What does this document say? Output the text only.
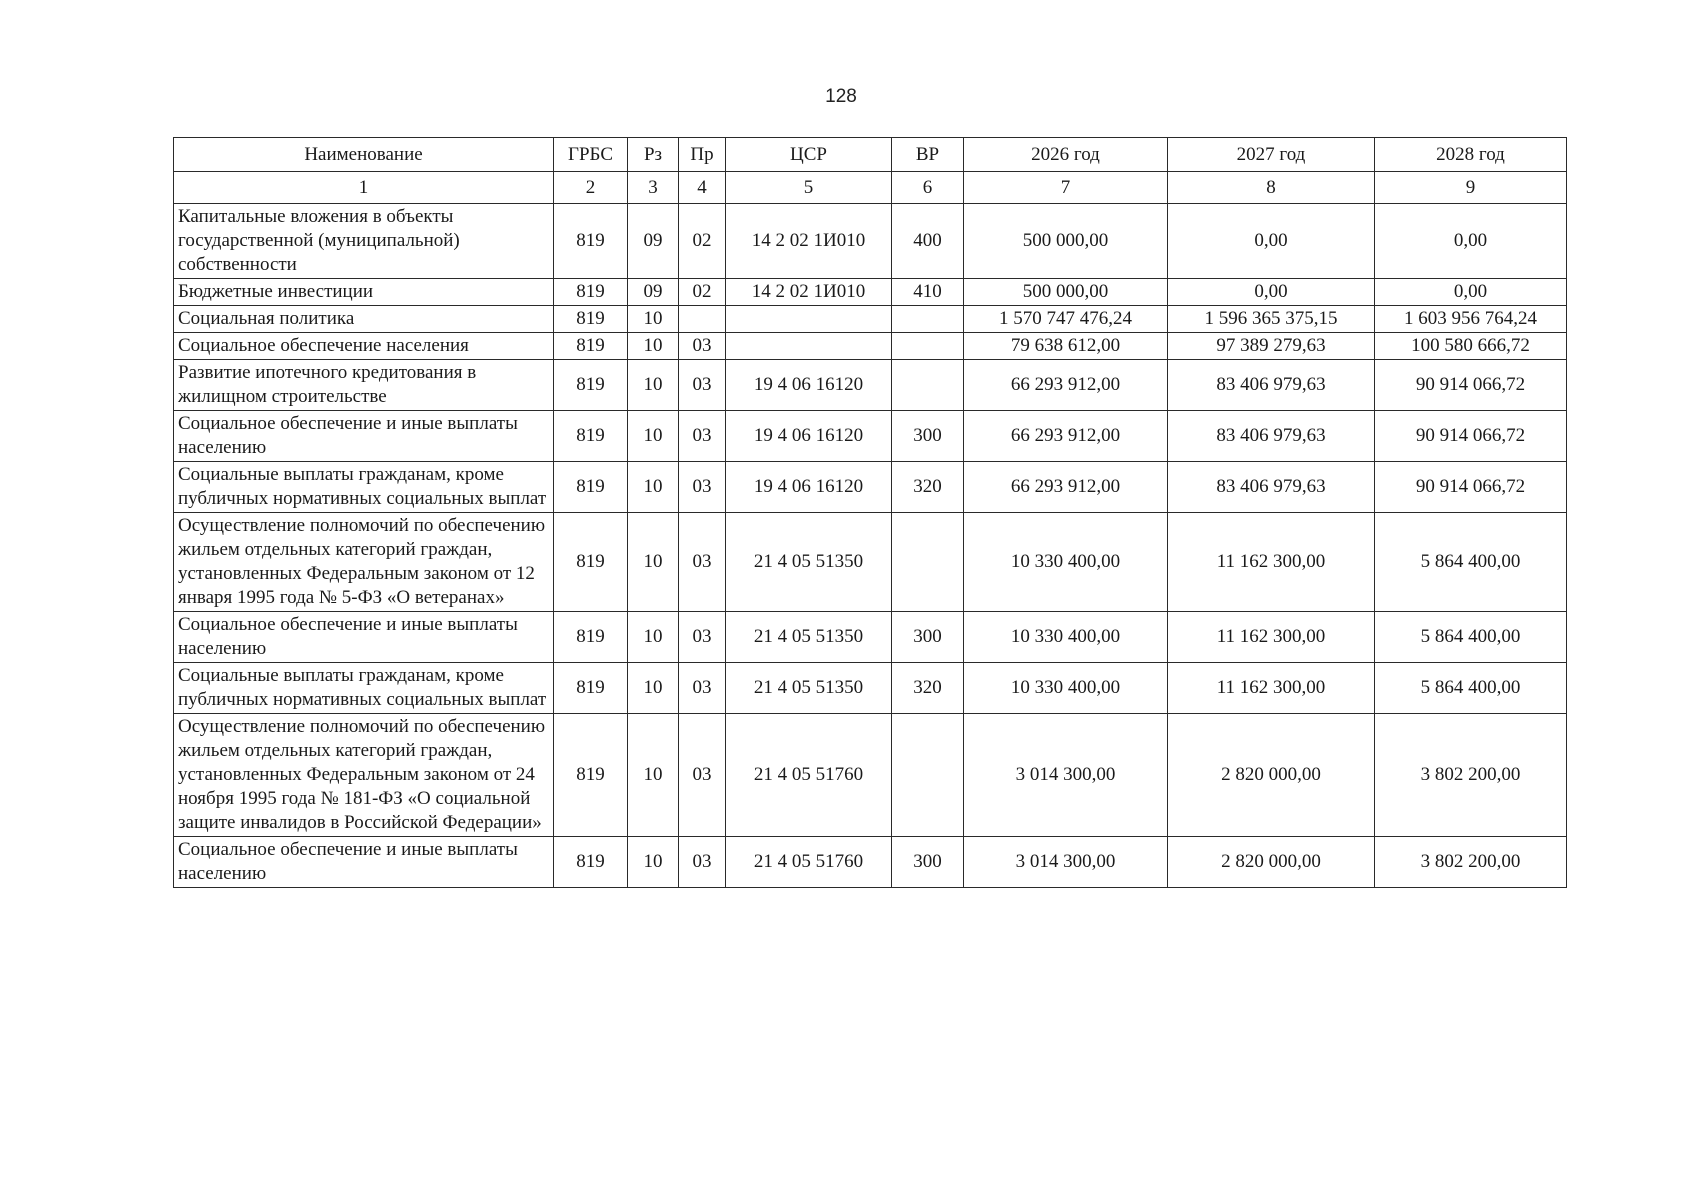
128
Наименование	ГРБС	Рз	Пр	ЦСР	ВР	2026 год	2027 год	2028 год
1	2	3	4	5	6	7	8	9
Капитальные вложения в объекты государственной (муниципальной) собственности	819	09	02	14 2 02 1И010	400	500 000,00	0,00	0,00
Бюджетные инвестиции	819	09	02	14 2 02 1И010	410	500 000,00	0,00	0,00
Социальная политика	819	10				1 570 747 476,24	1 596 365 375,15	1 603 956 764,24
Социальное обеспечение населения	819	10	03			79 638 612,00	97 389 279,63	100 580 666,72
Развитие ипотечного кредитования в жилищном строительстве	819	10	03	19 4 06 16120		66 293 912,00	83 406 979,63	90 914 066,72
Социальное обеспечение и иные выплаты населению	819	10	03	19 4 06 16120	300	66 293 912,00	83 406 979,63	90 914 066,72
Социальные выплаты гражданам, кроме публичных нормативных социальных выплат	819	10	03	19 4 06 16120	320	66 293 912,00	83 406 979,63	90 914 066,72
Осуществление полномочий по обеспечению жильем отдельных категорий граждан, установленных Федеральным законом от 12 января 1995 года № 5-ФЗ «О ветеранах»	819	10	03	21 4 05 51350		10 330 400,00	11 162 300,00	5 864 400,00
Социальное обеспечение и иные выплаты населению	819	10	03	21 4 05 51350	300	10 330 400,00	11 162 300,00	5 864 400,00
Социальные выплаты гражданам, кроме публичных нормативных социальных выплат	819	10	03	21 4 05 51350	320	10 330 400,00	11 162 300,00	5 864 400,00
Осуществление полномочий по обеспечению жильем отдельных категорий граждан, установленных Федеральным законом от 24 ноября 1995 года № 181-ФЗ «О социальной защите инвалидов в Российской Федерации»	819	10	03	21 4 05 51760		3 014 300,00	2 820 000,00	3 802 200,00
Социальное обеспечение и иные выплаты населению	819	10	03	21 4 05 51760	300	3 014 300,00	2 820 000,00	3 802 200,00
